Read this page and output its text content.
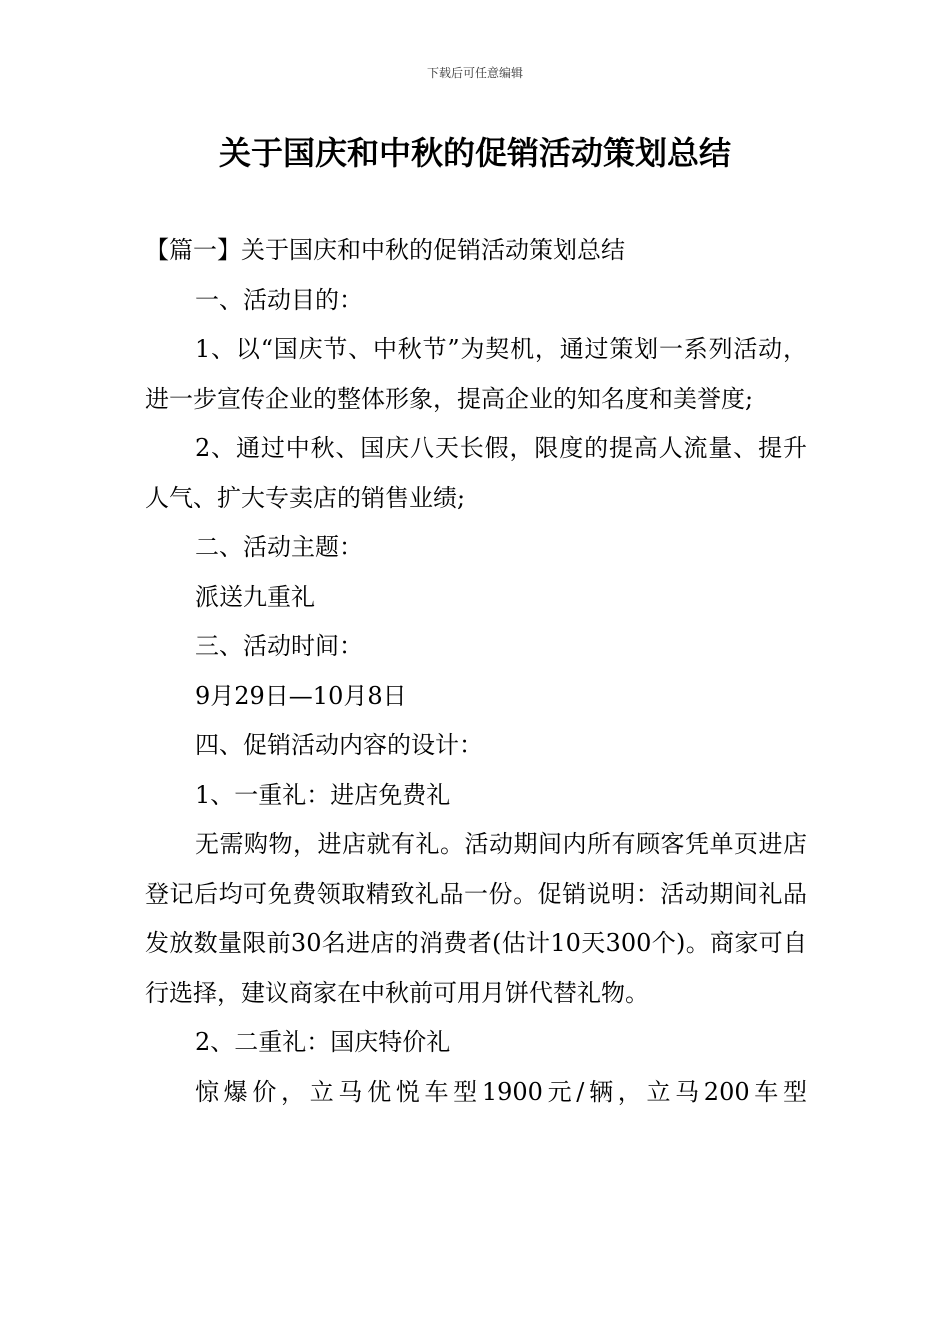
下载后可任意编辑
关于国庆和中秋的促销活动策划总结

【篇一】关于国庆和中秋的促销活动策划总结

一、活动目的：

1、以“国庆节、中秋节”为契机，通过策划一系列活动，进一步宣传企业的整体形象，提高企业的知名度和美誉度;

2、通过中秋、国庆八天长假，限度的提高人流量、提升人气、扩大专卖店的销售业绩;

二、活动主题：

派送九重礼

三、活动时间：

9月29日—10月8日

四、促销活动内容的设计：

1、一重礼：进店免费礼

无需购物，进店就有礼。活动期间内所有顾客凭单页进店登记后均可免费领取精致礼品一份。促销说明：活动期间礼品发放数量限前30名进店的消费者(估计10天300个)。商家可自行选择，建议商家在中秋前可用月饼代替礼物。

2、二重礼：国庆特价礼

惊爆价，立马优悦车型1900元/辆，立马200车型
